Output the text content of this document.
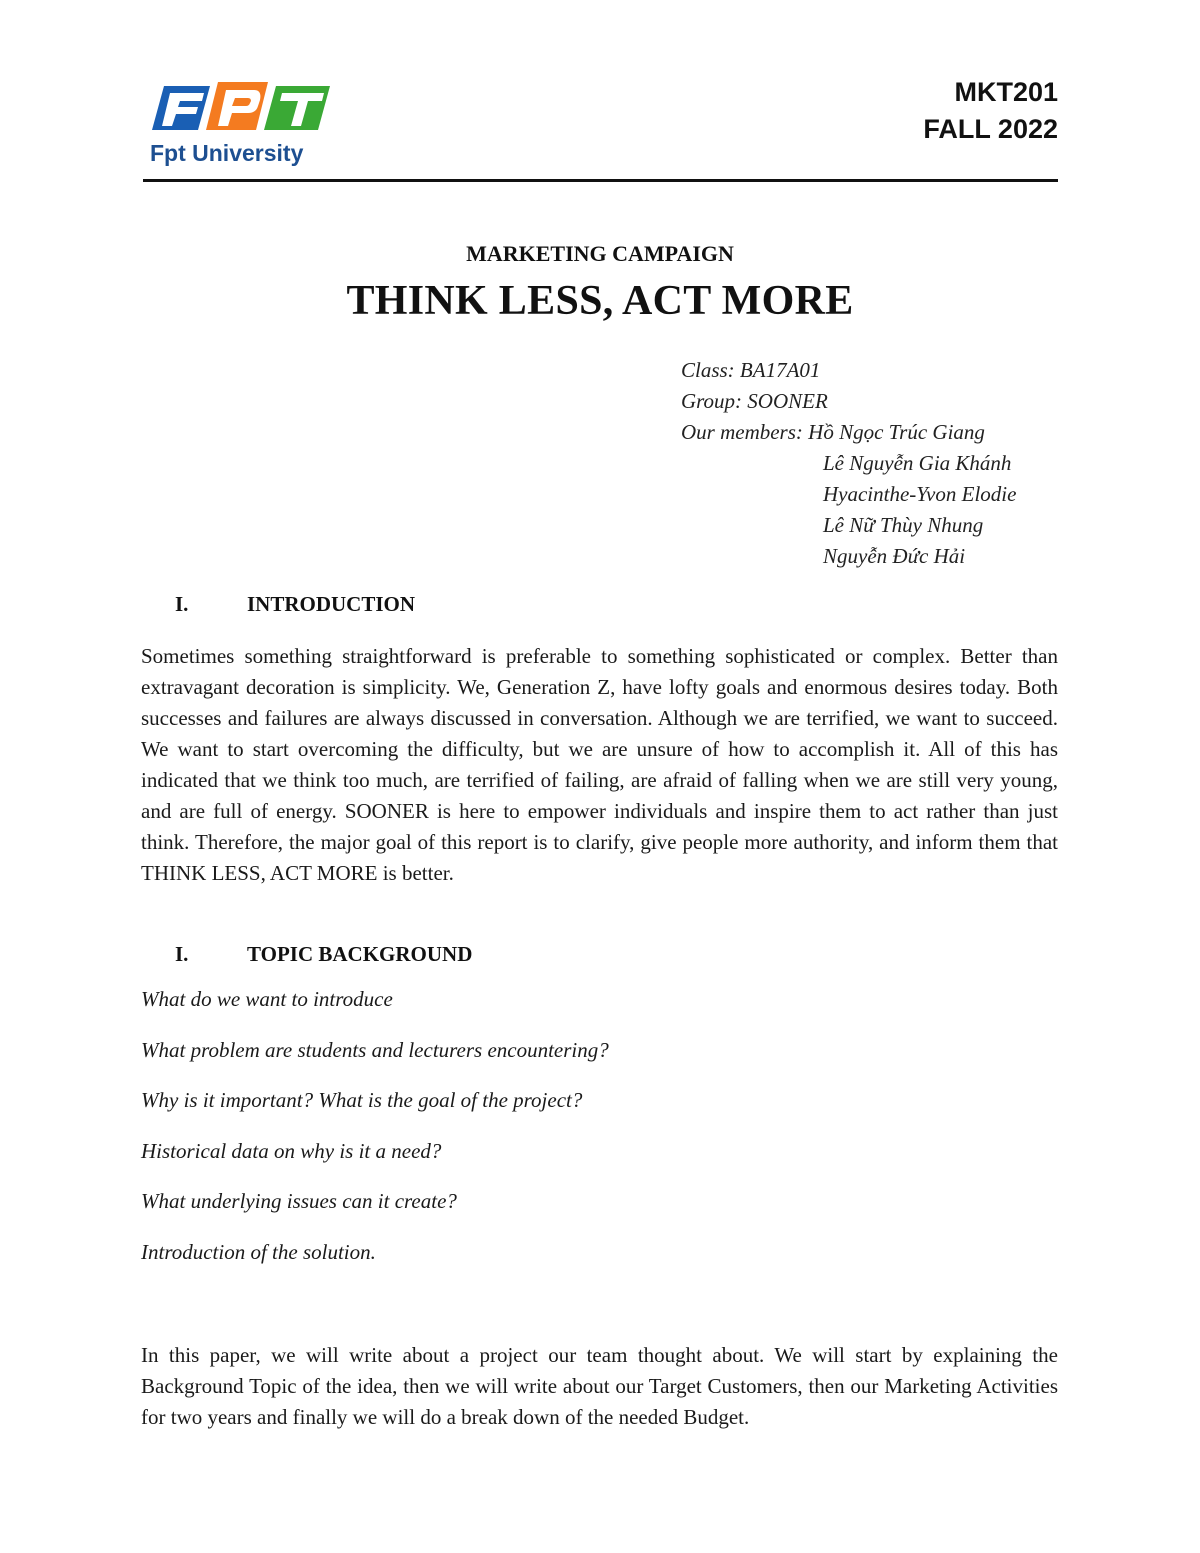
Fpt University
MKT201
FALL 2022
MARKETING CAMPAIGN
THINK LESS, ACT MORE
Class: BA17A01
Group: SOONER
Our members: Hồ Ngọc Trúc Giang
Lê Nguyễn Gia Khánh
Hyacinthe-Yvon Elodie
Lê Nữ Thùy Nhung
Nguyễn Đức Hải
I.	INTRODUCTION
Sometimes something straightforward is preferable to something sophisticated or complex. Better than extravagant decoration is simplicity. We, Generation Z, have lofty goals and enormous desires today. Both successes and failures are always discussed in conversation. Although we are terrified, we want to succeed. We want to start overcoming the difficulty, but we are unsure of how to accomplish it. All of this has indicated that we think too much, are terrified of failing, are afraid of falling when we are still very young, and are full of energy. SOONER is here to empower individuals and inspire them to act rather than just think. Therefore, the major goal of this report is to clarify, give people more authority, and inform them that THINK LESS, ACT MORE is better.
I.	TOPIC BACKGROUND
What do we want to introduce
What problem are students and lecturers encountering?
Why is it important? What is the goal of the project?
Historical data on why is it a need?
What underlying issues can it create?
Introduction of the solution.
In this paper, we will write about a project our team thought about. We will start by explaining the Background Topic of the idea, then we will write about our Target Customers, then our Marketing Activities for two years and finally we will do a break down of the needed Budget.
